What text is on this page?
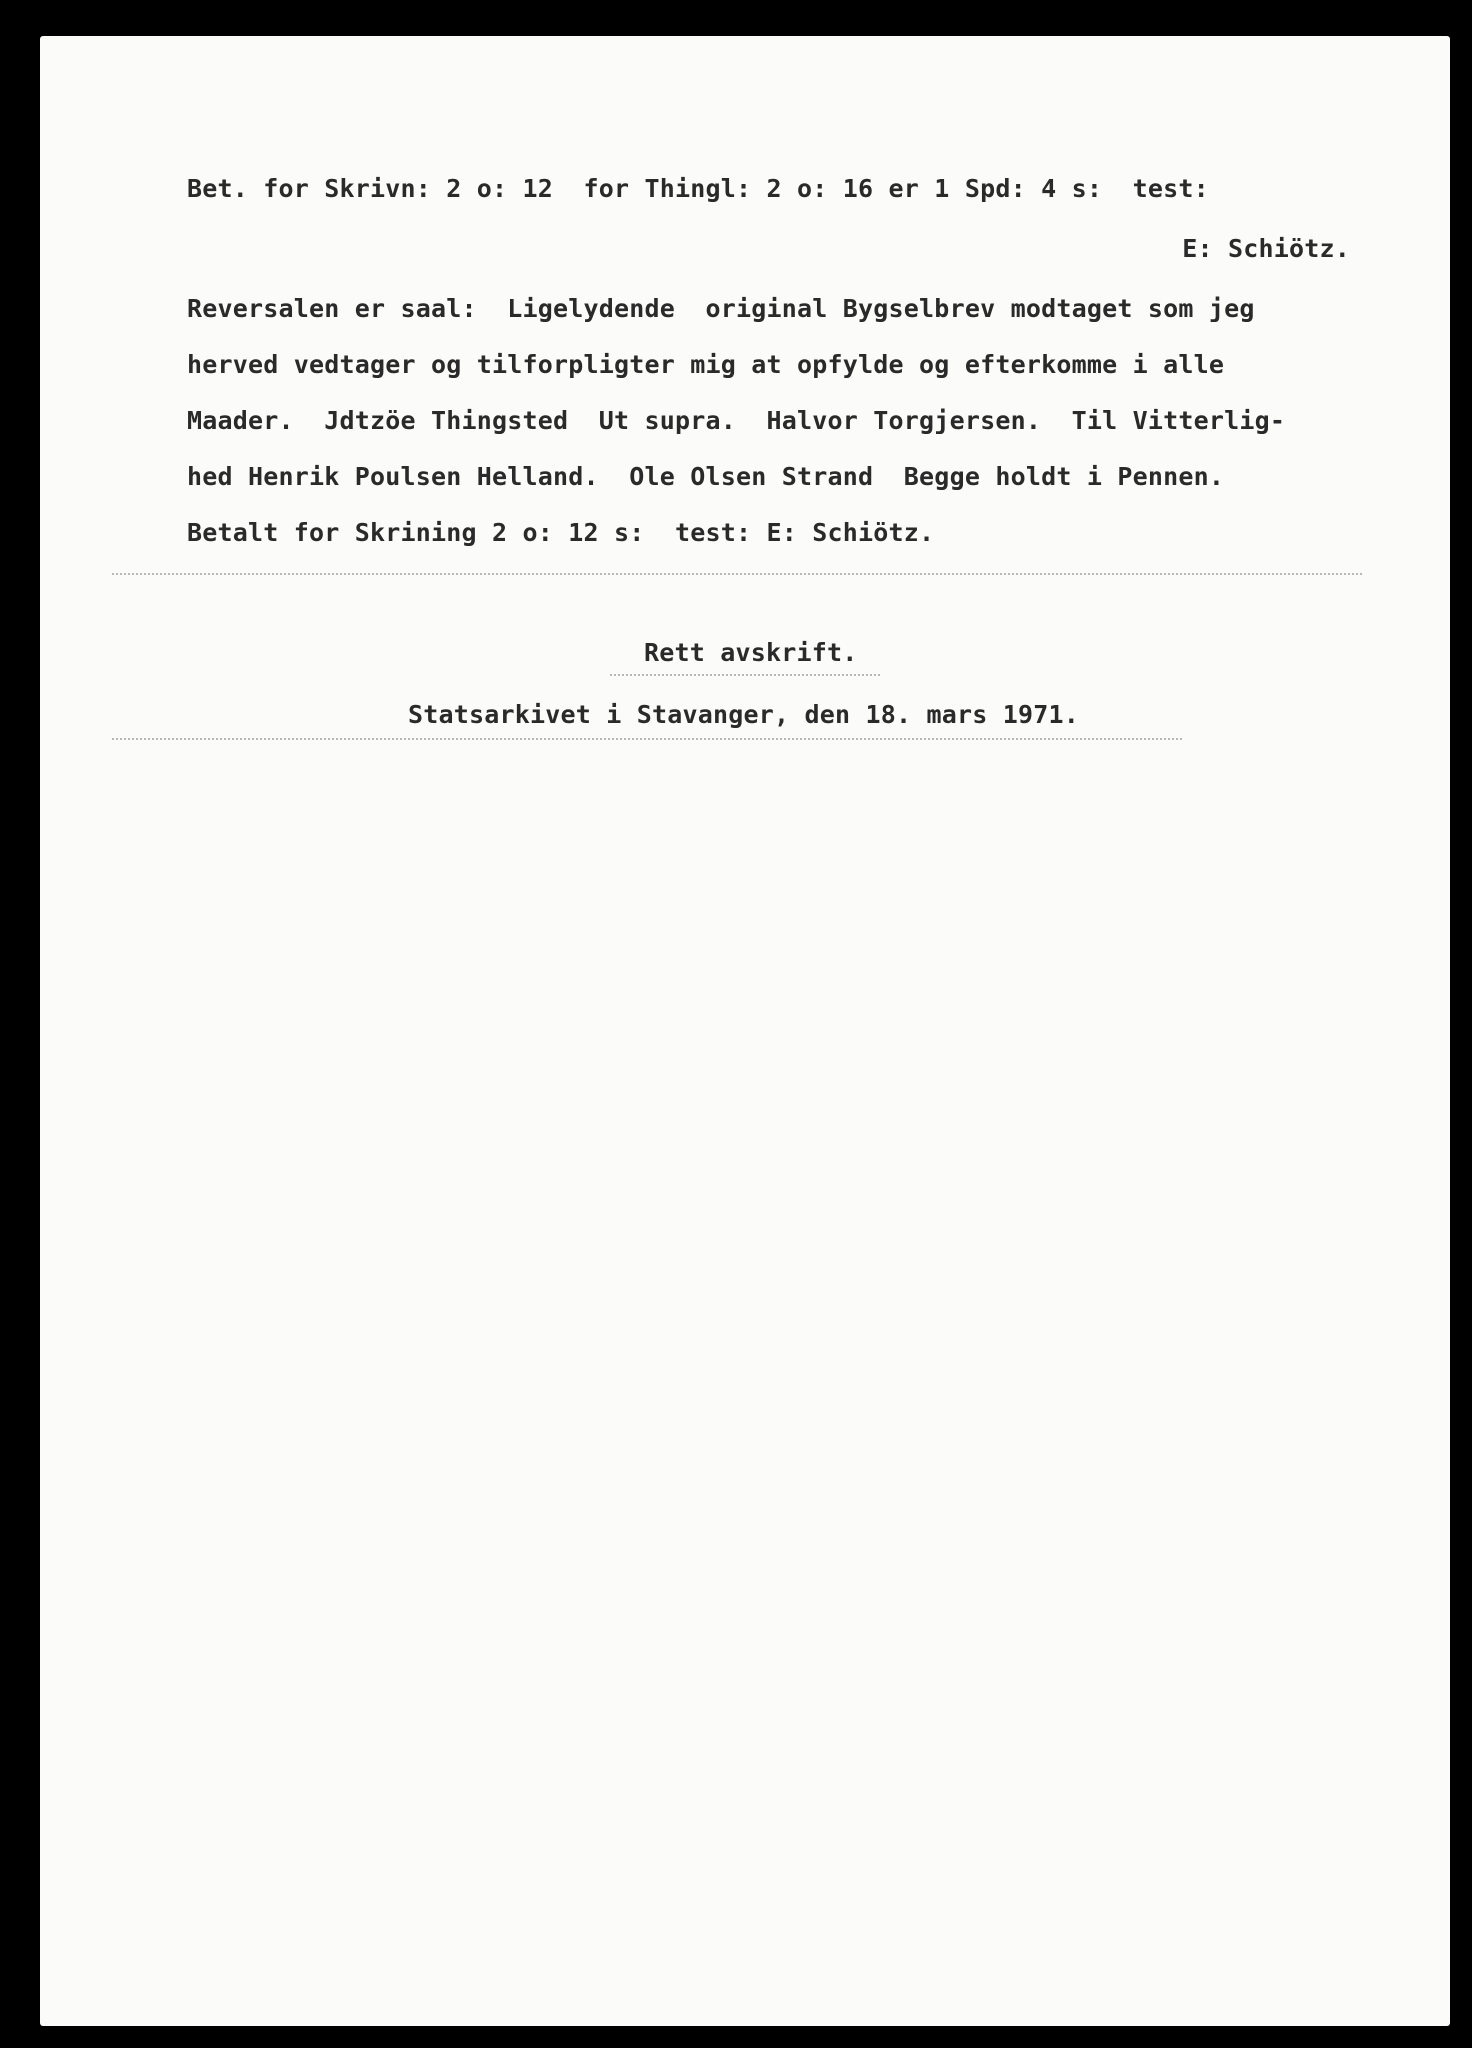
Bet. for Skrivn: 2 o: 12  for Thingl: 2 o: 16 er 1 Spd: 4 s:  test:

E: Schiötz.

Reversalen er saal:  Ligelydende  original Bygselbrev modtaget som jeg

herved vedtager og tilforpligter mig at opfylde og efterkomme i alle

Maader.  Jdtzöe Thingsted  Ut supra.  Halvor Torgjersen.  Til Vitterlig-

hed Henrik Poulsen Helland.  Ole Olsen Strand  Begge holdt i Pennen.

Betalt for Skrining 2 o: 12 s:  test: E: Schiötz.

Rett avskrift.

Statsarkivet i Stavanger, den 18. mars 1971.
